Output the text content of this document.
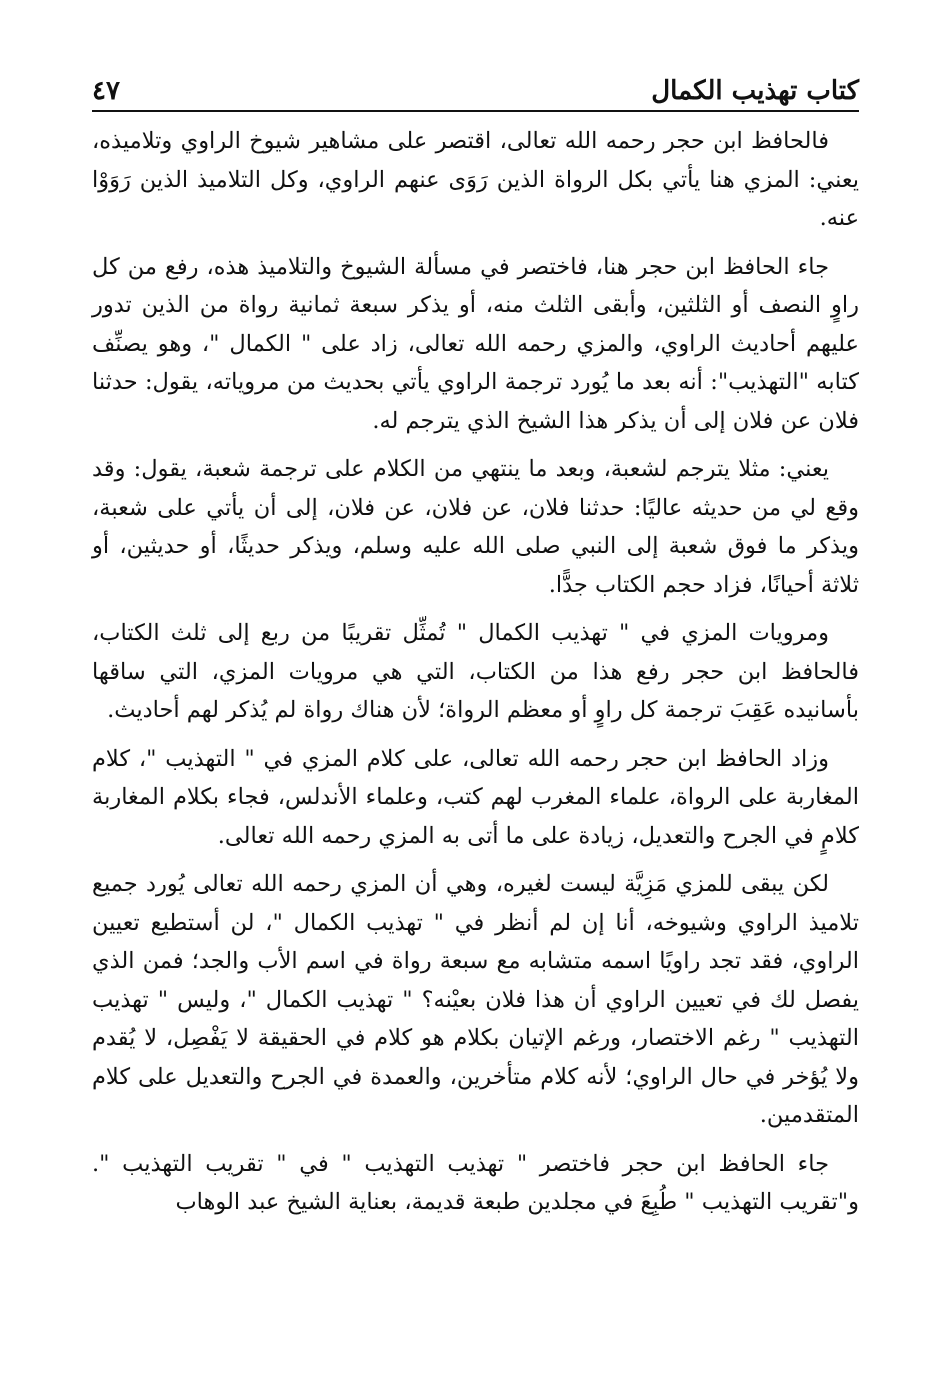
كتاب تهذيب الكمال
٤٧

فالحافظ ابن حجر رحمه الله تعالى، اقتصر على مشاهير شيوخ الراوي وتلاميذه، يعني: المزي هنا يأتي بكل الرواة الذين رَوَى عنهم الراوي، وكل التلاميذ الذين رَوَوْا عنه.

جاء الحافظ ابن حجر هنا، فاختصر في مسألة الشيوخ والتلاميذ هذه، رفع من كل راوٍ النصف أو الثلثين، وأبقى الثلث منه، أو يذكر سبعة ثمانية رواة من الذين تدور عليهم أحاديث الراوي، والمزي رحمه الله تعالى، زاد على " الكمال "، وهو يصنِّف كتابه "التهذيب": أنه بعد ما يُورد ترجمة الراوي يأتي بحديث من مروياته، يقول: حدثنا فلان عن فلان إلى أن يذكر هذا الشيخ الذي يترجم له.

يعني: مثلا يترجم لشعبة، وبعد ما ينتهي من الكلام على ترجمة شعبة، يقول: وقد وقع لي من حديثه عاليًا: حدثنا فلان، عن فلان، عن فلان، إلى أن يأتي على شعبة، ويذكر ما فوق شعبة إلى النبي صلى الله عليه وسلم، ويذكر حديثًا، أو حديثين، أو ثلاثة أحيانًا، فزاد حجم الكتاب جدًّا.

ومرويات المزي في " تهذيب الكمال " تُمثِّل تقريبًا من ربع إلى ثلث الكتاب، فالحافظ ابن حجر رفع هذا من الكتاب، التي هي مرويات المزي، التي ساقها بأسانيده عَقِبَ ترجمة كل راوٍ أو معظم الرواة؛ لأن هناك رواة لم يُذكر لهم أحاديث.

وزاد الحافظ ابن حجر رحمه الله تعالى، على كلام المزي في " التهذيب "، كلام المغاربة على الرواة، علماء المغرب لهم كتب، وعلماء الأندلس، فجاء بكلام المغاربة كلامٍ في الجرح والتعديل، زيادة على ما أتى به المزي رحمه الله تعالى.

لكن يبقى للمزي مَزِيَّة ليست لغيره، وهي أن المزي رحمه الله تعالى يُورد جميع تلاميذ الراوي وشيوخه، أنا إن لم أنظر في " تهذيب الكمال "، لن أستطيع تعيين الراوي، فقد تجد راويًا اسمه متشابه مع سبعة رواة في اسم الأب والجد؛ فمن الذي يفصل لك في تعيين الراوي أن هذا فلان بعيْنه؟ " تهذيب الكمال "، وليس " تهذيب التهذيب " رغم الاختصار، ورغم الإتيان بكلام هو كلام في الحقيقة لا يَفْصِل، لا يُقدم ولا يُؤخر في حال الراوي؛ لأنه كلام متأخرين، والعمدة في الجرح والتعديل على كلام المتقدمين.

جاء الحافظ ابن حجر فاختصر " تهذيب التهذيب " في " تقريب التهذيب ". و"تقريب التهذيب " طُبِعَ في مجلدين طبعة قديمة، بعناية الشيخ عبد الوهاب
